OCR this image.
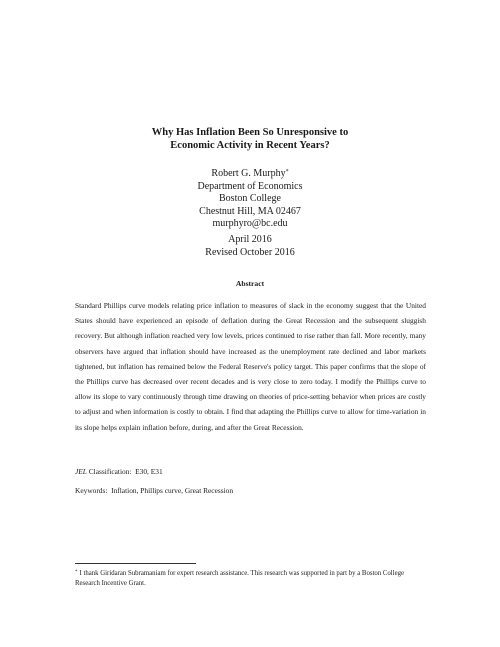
Why Has Inflation Been So Unresponsive to
Economic Activity in Recent Years?
Robert G. Murphy*
Department of Economics
Boston College
Chestnut Hill, MA 02467
murphyro@bc.edu
April 2016
Revised October 2016
Abstract
Standard Phillips curve models relating price inflation to measures of slack in the economy suggest that the United States should have experienced an episode of deflation during the Great Recession and the subsequent sluggish recovery. But although inflation reached very low levels, prices continued to rise rather than fall. More recently, many observers have argued that inflation should have increased as the unemployment rate declined and labor markets tightened, but inflation has remained below the Federal Reserve's policy target. This paper confirms that the slope of the Phillips curve has decreased over recent decades and is very close to zero today. I modify the Phillips curve to allow its slope to vary continuously through time drawing on theories of price-setting behavior when prices are costly to adjust and when information is costly to obtain. I find that adapting the Phillips curve to allow for time-variation in its slope helps explain inflation before, during, and after the Great Recession.
JEL Classification: E30, E31
Keywords: Inflation, Phillips curve, Great Recession
* I thank Giridaran Subramaniam for expert research assistance. This research was supported in part by a Boston College Research Incentive Grant.
